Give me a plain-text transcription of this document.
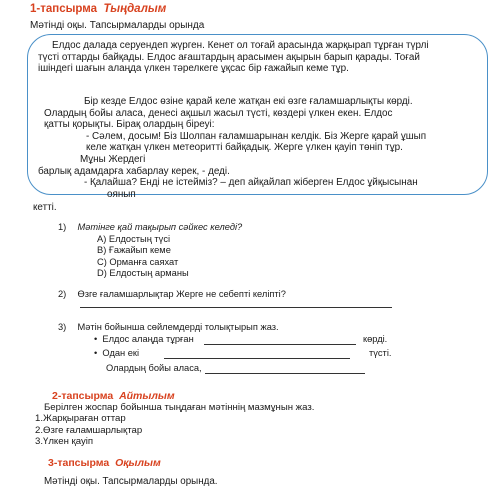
1-тапсырма Тыңдалым
Мәтінді оқы. Тапсырмаларды орында
Елдос далада серуендеп жүрген. Кенет ол тоғай арасында жарқырап тұрған түрлі
түсті оттарды байқады. Елдос ағаштардың арасымен ақырын барып қарады. Тоғай
ішіндегі шағын алаңда үлкен тәрелкеге ұқсас бір ғажайып кеме тұр.
Бір кезде Елдос өзіне қарай келе жатқан екі өзге ғаламшарлықты көрді.
Олардың бойы аласа, денесі ақшыл жасыл түсті, көздері үлкен екен. Елдос
қатты қорықты. Бірақ олардың біреуі:
- Сәлем, досым! Біз Шолпан ғаламшарынан келдік. Біз Жерге қарай ұшып
келе жатқан үлкен метеоритті байқадық. Жерге үлкен қауіп төніп тұр.
Мұны Жердегі
барлық адамдарға хабарлау керек, - деді.
- Қалайша? Енді не істейміз? – деп айқайлап жіберген Елдос ұйқысынан
оянып
кетті.
1) Мәтінге қай тақырып сәйкес келеді?
A) Елдостың түсі
B) Ғажайып кеме
C) Орманға саяхат
D) Елдостың арманы
2) Өзге ғаламшарлықтар Жерге не себепті келіпті?
3) Мәтін бойынша сөйлемдерді толықтырып жаз.
•  Елдос алаңда тұрған	көрді.
•  Одан екі	түсті.
Олардың бойы аласа,
2-тапсырма Айтылым
Берілген жоспар бойынша тыңдаған мәтіннің мазмұнын жаз.
1.Жарқыраған оттар
2.Өзге ғаламшарлықтар
3.Үлкен қауіп
3-тапсырма Оқылым
Мәтінді оқы. Тапсырмаларды орында.
